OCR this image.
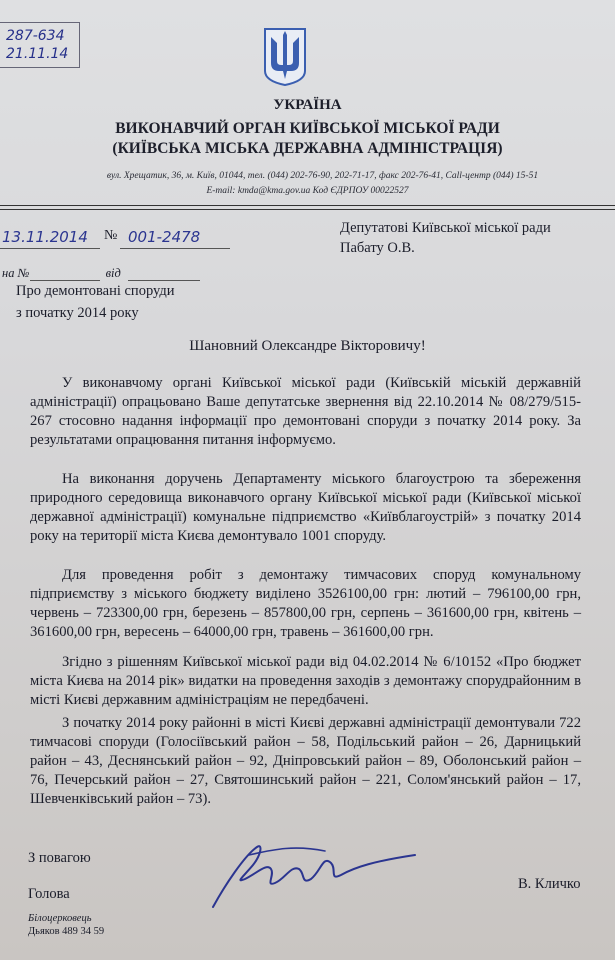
287-634
21.11.14
УКРАЇНА
ВИКОНАВЧИЙ ОРГАН КИЇВСЬКОЇ МІСЬКОЇ РАДИ
(КИЇВСЬКА МІСЬКА ДЕРЖАВНА АДМІНІСТРАЦІЯ)
вул. Хрещатик, 36, м. Київ, 01044, тел. (044) 202-76-90, 202-71-17, факс 202-76-41, Call-центр (044) 15-51
E-mail: kmda@kma.gov.ua Код ЄДРПОУ 00022527
13.11.2014 № 001-2478
на №	від
Депутатові Київської міської ради
Пабату О.В.
Про демонтовані споруди
з початку 2014 року
Шановний Олександре Вікторовичу!
У виконавчому органі Київської міської ради (Київській міській державній адміністрації) опрацьовано Ваше депутатське звернення від 22.10.2014 № 08/279/515-267 стосовно надання інформації про демонтовані споруди з початку 2014 року. За результатами опрацювання питання інформуємо.
На виконання доручень Департаменту міського благоустрою та збереження природного середовища виконавчого органу Київської міської ради (Київської міської державної адміністрації) комунальне підприємство «Київблагоустрій» з початку 2014 року на території міста Києва демонтувало 1001 споруду.
Для проведення робіт з демонтажу тимчасових споруд комунальному підприємству з міського бюджету виділено 3526100,00 грн: лютий – 796100,00 грн, червень – 723300,00 грн, березень – 857800,00 грн, серпень – 361600,00 грн, квітень – 361600,00 грн, вересень – 64000,00 грн, травень – 361600,00 грн.
Згідно з рішенням Київської міської ради від 04.02.2014 № 6/10152 «Про бюджет міста Києва на 2014 рік» видатки на проведення заходів з демонтажу спорудрайонним в місті Києві державним адміністраціям не передбачені.
З початку 2014 року районні в місті Києві державні адміністрації демонтували 722 тимчасові споруди (Голосіївський район – 58, Подільський район – 26, Дарницький район – 43, Деснянський район – 92, Дніпровський район – 89, Оболонський район – 76, Печерський район – 27, Святошинський район – 221, Солом'янський район – 17, Шевченківський район – 73).
З повагою
Голова
В. Кличко
Білоцерковець
Дьяков 489 34 59
